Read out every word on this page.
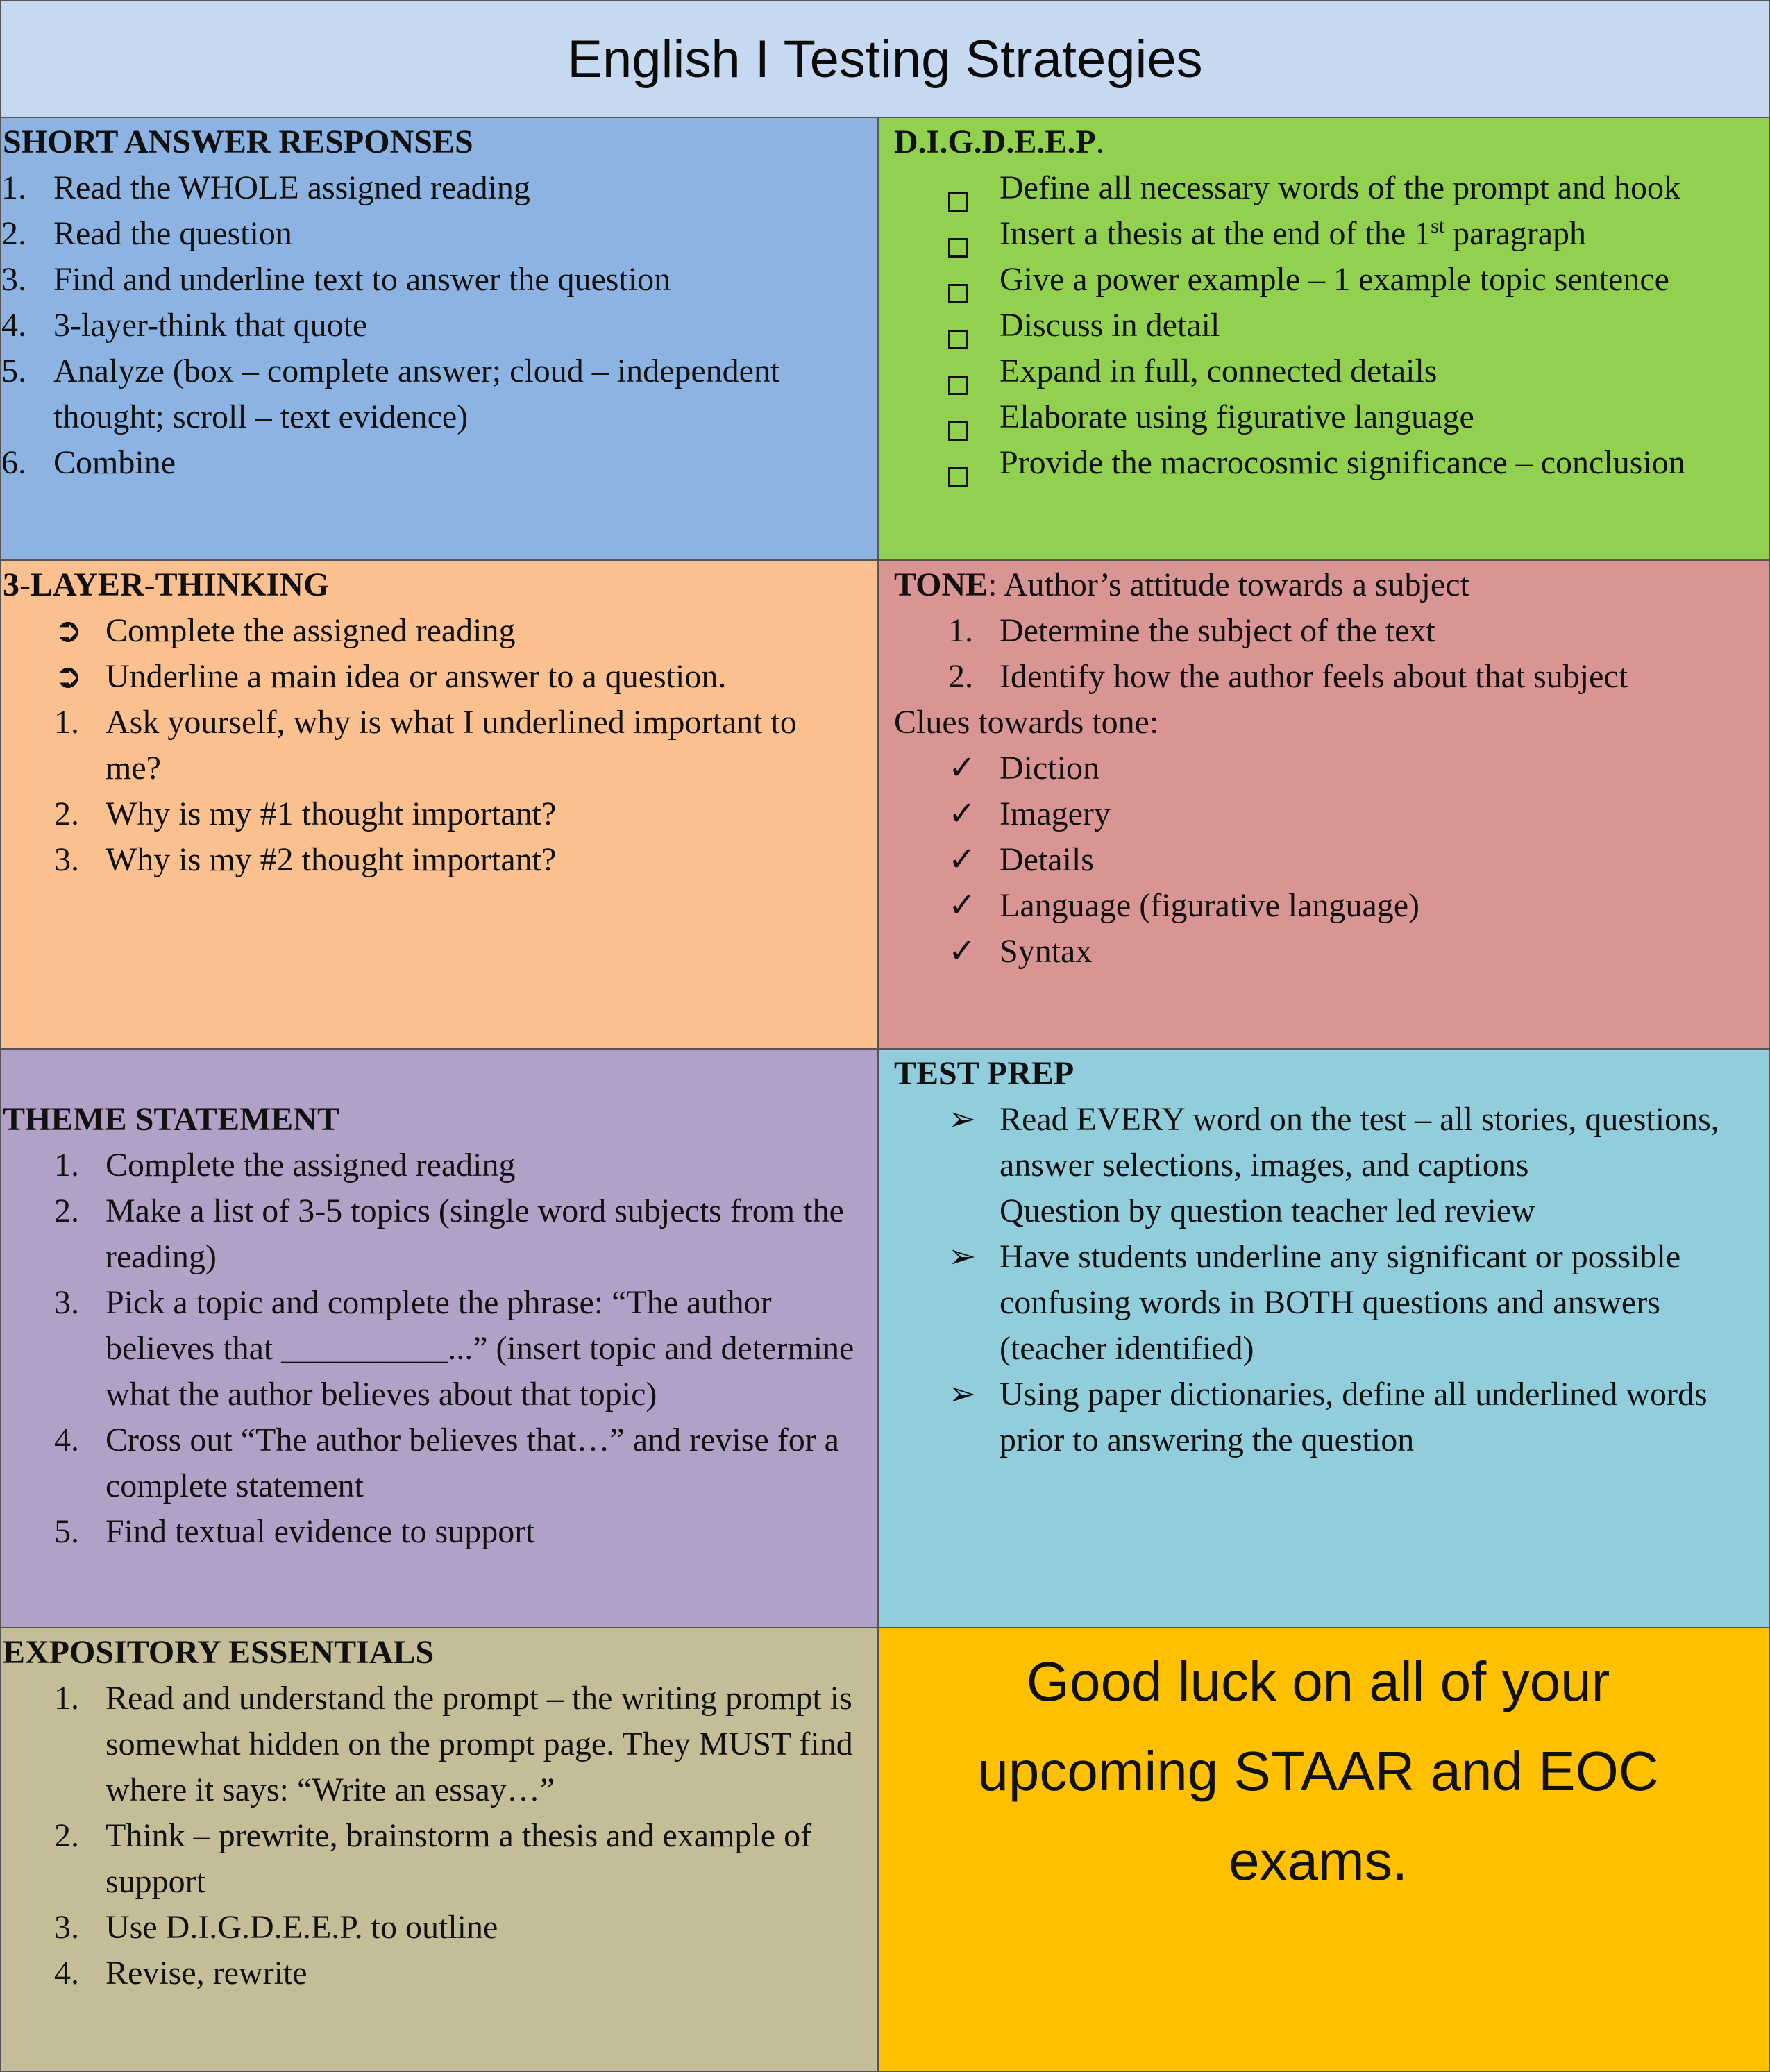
English I Testing Strategies
SHORT ANSWER RESPONSES
1. Read the WHOLE assigned reading
2. Read the question
3. Find and underline text to answer the question
4. 3-layer-think that quote
5. Analyze (box – complete answer; cloud – independent thought; scroll – text evidence)
6. Combine
D.I.G.D.E.E.P.
Define all necessary words of the prompt and hook
Insert a thesis at the end of the 1st paragraph
Give a power example – 1 example topic sentence
Discuss in detail
Expand in full, connected details
Elaborate using figurative language
Provide the macrocosmic significance – conclusion
3-LAYER-THINKING
➲ Complete the assigned reading
➲ Underline a main idea or answer to a question.
1. Ask yourself, why is what I underlined important to me?
2. Why is my #1 thought important?
3. Why is my #2 thought important?
TONE: Author’s attitude towards a subject
1. Determine the subject of the text
2. Identify how the author feels about that subject
Clues towards tone:
✓ Diction
✓ Imagery
✓ Details
✓ Language (figurative language)
✓ Syntax
THEME STATEMENT
1. Complete the assigned reading
2. Make a list of 3-5 topics (single word subjects from the reading)
3. Pick a topic and complete the phrase: “The author believes that __________...” (insert topic and determine what the author believes about that topic)
4. Cross out “The author believes that…” and revise for a complete statement
5. Find textual evidence to support
TEST PREP
➢ Read EVERY word on the test – all stories, questions, answer selections, images, and captions
Question by question teacher led review
➢ Have students underline any significant or possible confusing words in BOTH questions and answers (teacher identified)
➢ Using paper dictionaries, define all underlined words prior to answering the question
EXPOSITORY ESSENTIALS
1. Read and understand the prompt – the writing prompt is somewhat hidden on the prompt page. They MUST find where it says: “Write an essay…”
2. Think – prewrite, brainstorm a thesis and example of support
3. Use D.I.G.D.E.E.P. to outline
4. Revise, rewrite
Good luck on all of your
upcoming STAAR and EOC
exams.
